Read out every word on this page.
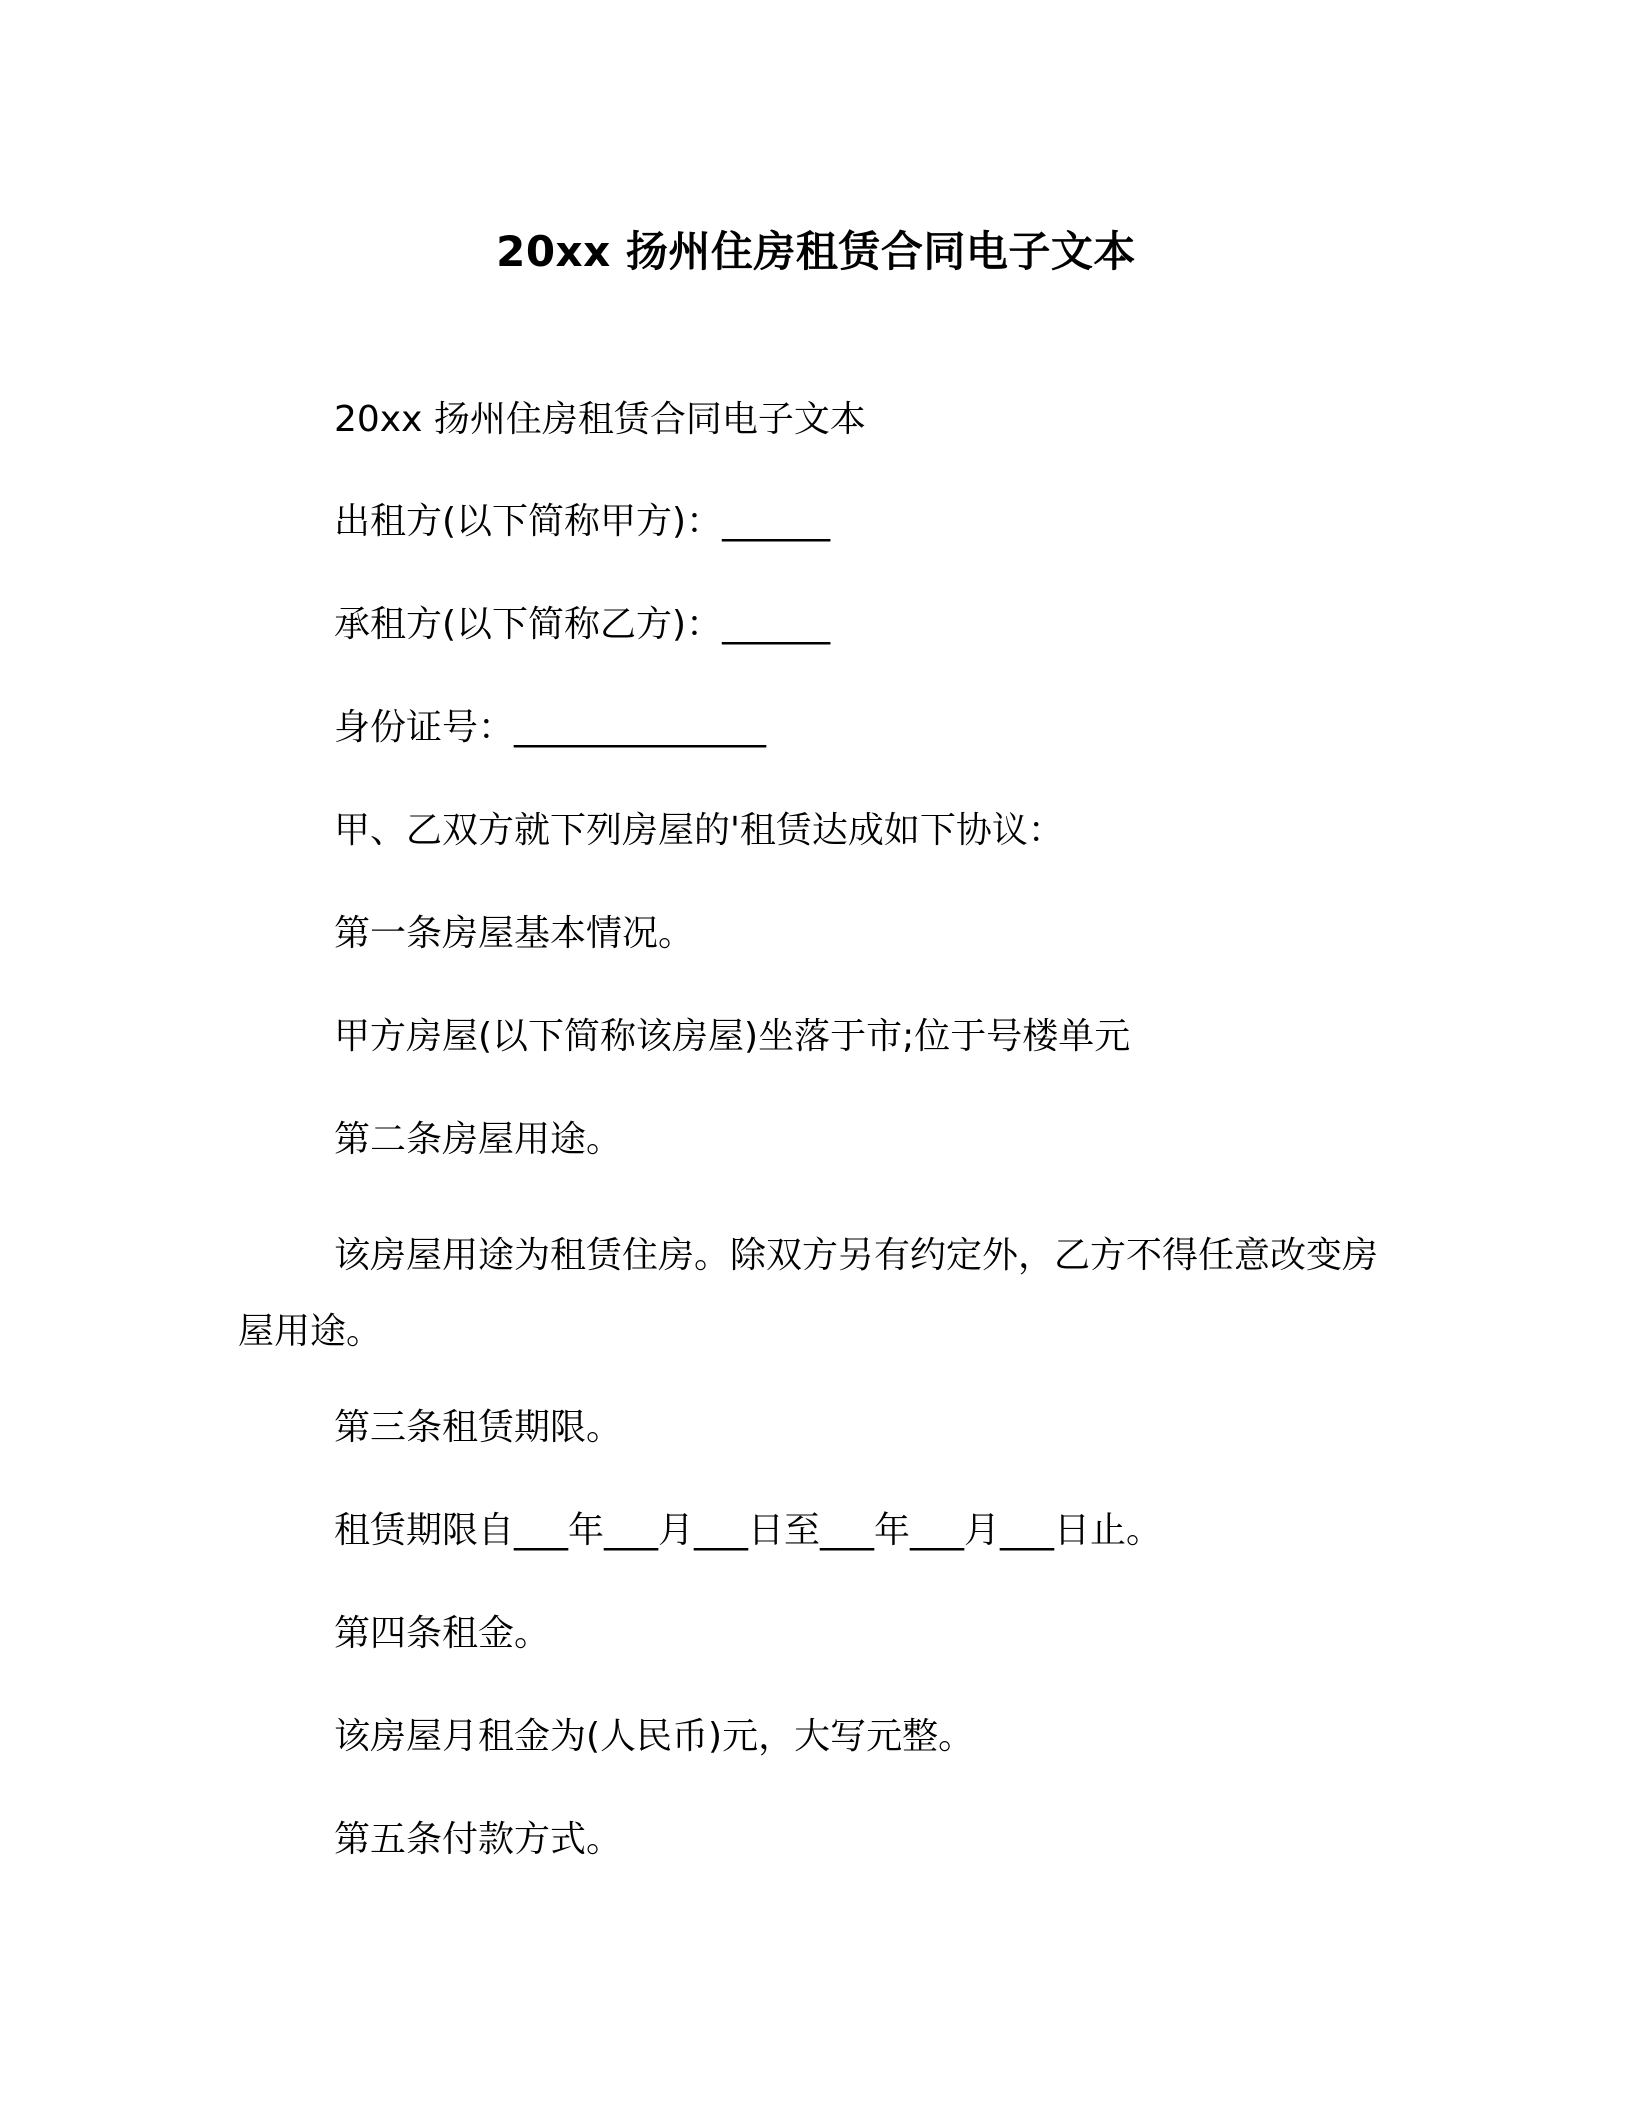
20xx 扬州住房租赁合同电子文本
20xx 扬州住房租赁合同电子文本
出租方(以下简称甲方)：______
承租方(以下简称乙方)：______
身份证号：______________
甲、乙双方就下列房屋的'租赁达成如下协议：
第一条房屋基本情况。
甲方房屋(以下简称该房屋)坐落于市;位于号楼单元
第二条房屋用途。
该房屋用途为租赁住房。除双方另有约定外，乙方不得任意改变房屋用途。
第三条租赁期限。
租赁期限自___年___月___日至___年___月___日止。
第四条租金。
该房屋月租金为(人民币)元，大写元整。
第五条付款方式。
